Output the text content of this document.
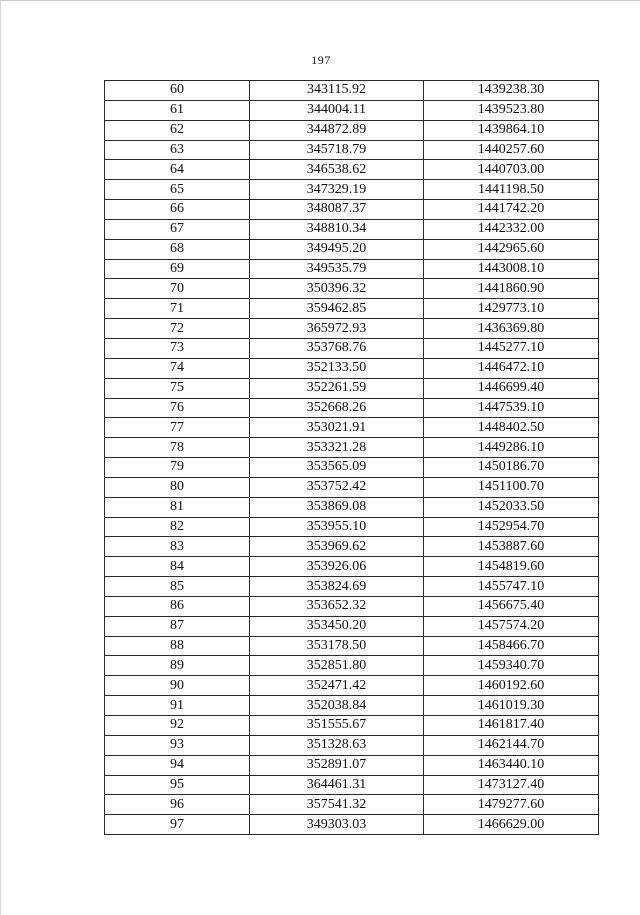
197
60	343115.92	1439238.30
61	344004.11	1439523.80
62	344872.89	1439864.10
63	345718.79	1440257.60
64	346538.62	1440703.00
65	347329.19	1441198.50
66	348087.37	1441742.20
67	348810.34	1442332.00
68	349495.20	1442965.60
69	349535.79	1443008.10
70	350396.32	1441860.90
71	359462.85	1429773.10
72	365972.93	1436369.80
73	353768.76	1445277.10
74	352133.50	1446472.10
75	352261.59	1446699.40
76	352668.26	1447539.10
77	353021.91	1448402.50
78	353321.28	1449286.10
79	353565.09	1450186.70
80	353752.42	1451100.70
81	353869.08	1452033.50
82	353955.10	1452954.70
83	353969.62	1453887.60
84	353926.06	1454819.60
85	353824.69	1455747.10
86	353652.32	1456675.40
87	353450.20	1457574.20
88	353178.50	1458466.70
89	352851.80	1459340.70
90	352471.42	1460192.60
91	352038.84	1461019.30
92	351555.67	1461817.40
93	351328.63	1462144.70
94	352891.07	1463440.10
95	364461.31	1473127.40
96	357541.32	1479277.60
97	349303.03	1466629.00
